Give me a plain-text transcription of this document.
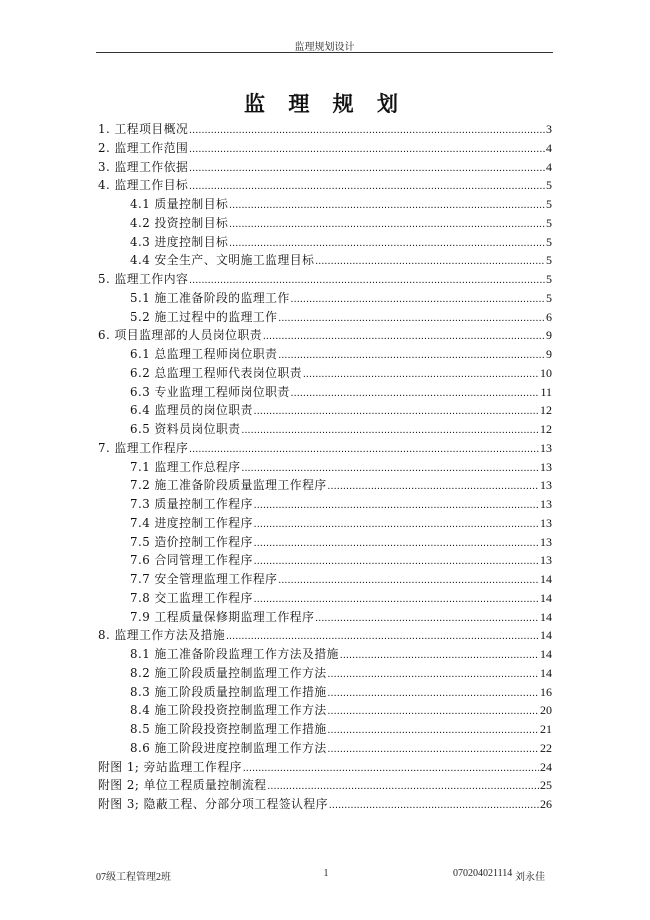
监理规划设计
监 理 规 划
1. 工程项目概况 .....	3
2. 监理工作范围 .....	4
3. 监理工作依据 .....	4
4. 监理工作目标 .....	5
4.1 质量控制目标 .....	5
4.2 投资控制目标 .....	5
4.3 进度控制目标 .....	5
4.4 安全生产、文明施工监理目标 .....	5
5. 监理工作内容 .....	5
5.1 施工准备阶段的监理工作 .....	5
5.2 施工过程中的监理工作 .....	6
6. 项目监理部的人员岗位职责 .....	9
6.1 总监理工程师岗位职责 .....	9
6.2 总监理工程师代表岗位职责 .....	10
6.3 专业监理工程师岗位职责 .....	11
6.4 监理员的岗位职责 .....	12
6.5 资料员岗位职责 .....	12
7. 监理工作程序 .....	13
7.1 监理工作总程序 .....	13
7.2 施工准备阶段质量监理工作程序 .....	13
7.3 质量控制工作程序 .....	13
7.4 进度控制工作程序 .....	13
7.5 造价控制工作程序 .....	13
7.6 合同管理工作程序 .....	13
7.7 安全管理监理工作程序 .....	14
7.8 交工监理工作程序 .....	14
7.9 工程质量保修期监理工作程序 .....	14
8. 监理工作方法及措施 .....	14
8.1 施工准备阶段监理工作方法及措施 .....	14
8.2 施工阶段质量控制监理工作方法 .....	14
8.3 施工阶段质量控制监理工作措施 .....	16
8.4 施工阶段投资控制监理工作方法 .....	20
8.5 施工阶段投资控制监理工作措施 .....	21
8.6 施工阶段进度控制监理工作方法 .....	22
附图 1; 旁站监理工作程序 .....	24
附图 2; 单位工程质量控制流程 .....	25
附图 3; 隐蔽工程、分部分项工程签认程序 .....	26
07级工程管理2班	1	070204021114 刘永佳
